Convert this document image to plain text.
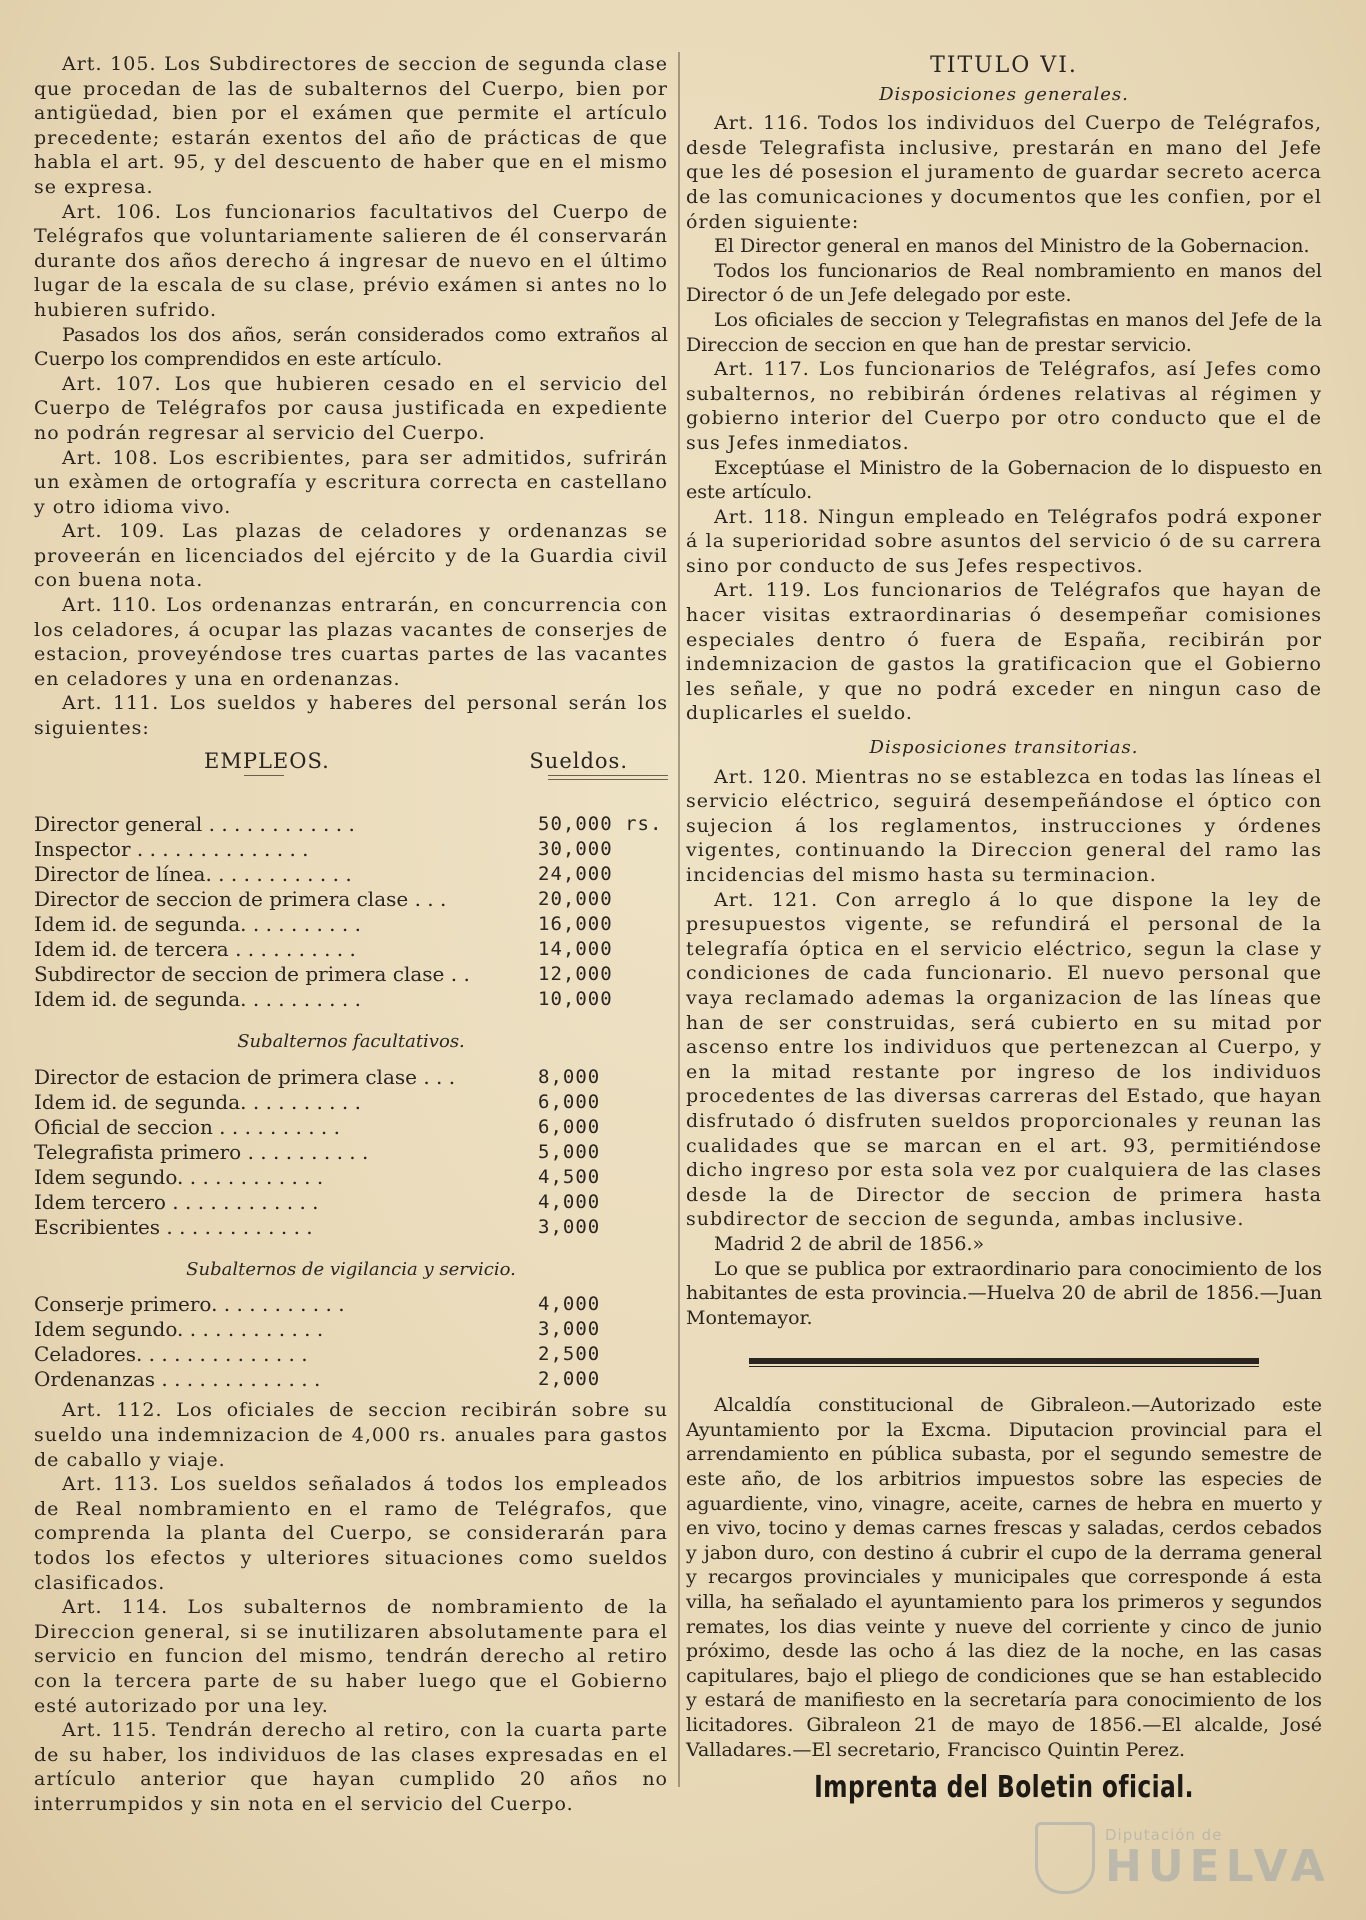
Art. 105. Los Subdirectores de seccion de segunda clase que procedan de las de subalternos del Cuerpo, bien por antigüedad, bien por el exámen que permite el artículo precedente; estarán exentos del año de prácticas de que habla el art. 95, y del descuento de haber que en el mismo se expresa.

Art. 106. Los funcionarios facultativos del Cuerpo de Telégrafos que voluntariamente salieren de él conservarán durante dos años derecho á ingresar de nuevo en el último lugar de la escala de su clase, prévio exámen si antes no lo hubieren sufrido.

Pasados los dos años, serán considerados como extraños al Cuerpo los comprendidos en este artículo.

Art. 107. Los que hubieren cesado en el servicio del Cuerpo de Telégrafos por causa justificada en expediente no podrán regresar al servicio del Cuerpo.

Art. 108. Los escribientes, para ser admitidos, sufrirán un exàmen de ortografía y escritura correcta en castellano y otro idioma vivo.

Art. 109. Las plazas de celadores y ordenanzas se proveerán en licenciados del ejército y de la Guardia civil con buena nota.

Art. 110. Los ordenanzas entrarán, en concurrencia con los celadores, á ocupar las plazas vacantes de conserjes de estacion, proveyéndose tres cuartas partes de las vacantes en celadores y una en ordenanzas.

Art. 111. Los sueldos y haberes del personal serán los siguientes:

EMPLEOS.	Sueldos.
Director general . . . . . . . . . . . .	50,000 rs.
Inspector . . . . . . . . . . . . . .	30,000
Director de línea. . . . . . . . . . . .	24,000
Director de seccion de primera clase . . .	20,000
Idem id. de segunda. . . . . . . . . .	16,000
Idem id. de tercera . . . . . . . . . .	14,000
Subdirector de seccion de primera clase . .	12,000
Idem id. de segunda. . . . . . . . . .	10,000
Subalternos facultativos.
Director de estacion de primera clase . . .	8,000
Idem id. de segunda. . . . . . . . . .	6,000
Oficial de seccion . . . . . . . . . .	6,000
Telegrafista primero . . . . . . . . . .	5,000
Idem segundo. . . . . . . . . . . .	4,500
Idem tercero . . . . . . . . . . . .	4,000
Escribientes . . . . . . . . . . . .	3,000
Subalternos de vigilancia y servicio.
Conserje primero. . . . . . . . . . .	4,000
Idem segundo. . . . . . . . . . . .	3,000
Celadores. . . . . . . . . . . . . .	2,500
Ordenanzas . . . . . . . . . . . . .	2,000

Art. 112. Los oficiales de seccion recibirán sobre su sueldo una indemnizacion de 4,000 rs. anuales para gastos de caballo y viaje.

Art. 113. Los sueldos señalados á todos los empleados de Real nombramiento en el ramo de Telégrafos, que comprenda la planta del Cuerpo, se considerarán para todos los efectos y ulteriores situaciones como sueldos clasificados.

Art. 114. Los subalternos de nombramiento de la Direccion general, si se inutilizaren absolutamente para el servicio en funcion del mismo, tendrán derecho al retiro con la tercera parte de su haber luego que el Gobierno esté autorizado por una ley.

Art. 115. Tendrán derecho al retiro, con la cuarta parte de su haber, los individuos de las clases expresadas en el artículo anterior que hayan cumplido 20 años no interrumpidos y sin nota en el servicio del Cuerpo.

TITULO VI.
Disposiciones generales.

Art. 116. Todos los individuos del Cuerpo de Telégrafos, desde Telegrafista inclusive, prestarán en mano del Jefe que les dé posesion el juramento de guardar secreto acerca de las comunicaciones y documentos que les confien, por el órden siguiente:

El Director general en manos del Ministro de la Gobernacion.

Todos los funcionarios de Real nombramiento en manos del Director ó de un Jefe delegado por este.

Los oficiales de seccion y Telegrafistas en manos del Jefe de la Direccion de seccion en que han de prestar servicio.

Art. 117. Los funcionarios de Telégrafos, así Jefes como subalternos, no rebibirán órdenes relativas al régimen y gobierno interior del Cuerpo por otro conducto que el de sus Jefes inmediatos.

Exceptúase el Ministro de la Gobernacion de lo dispuesto en este artículo.

Art. 118. Ningun empleado en Telégrafos podrá exponer á la superioridad sobre asuntos del servicio ó de su carrera sino por conducto de sus Jefes respectivos.

Art. 119. Los funcionarios de Telégrafos que hayan de hacer visitas extraordinarias ó desempeñar comisiones especiales dentro ó fuera de España, recibirán por indemnizacion de gastos la gratificacion que el Gobierno les señale, y que no podrá exceder en ningun caso de duplicarles el sueldo.

Disposiciones transitorias.

Art. 120. Mientras no se establezca en todas las líneas el servicio eléctrico, seguirá desempeñándose el óptico con sujecion á los reglamentos, instrucciones y órdenes vigentes, continuando la Direccion general del ramo las incidencias del mismo hasta su terminacion.

Art. 121. Con arreglo á lo que dispone la ley de presupuestos vigente, se refundirá el personal de la telegrafía óptica en el servicio eléctrico, segun la clase y condiciones de cada funcionario. El nuevo personal que vaya reclamado ademas la organizacion de las líneas que han de ser construidas, será cubierto en su mitad por ascenso entre los individuos que pertenezcan al Cuerpo, y en la mitad restante por ingreso de los individuos procedentes de las diversas carreras del Estado, que hayan disfrutado ó disfruten sueldos proporcionales y reunan las cualidades que se marcan en el art. 93, permitiéndose dicho ingreso por esta sola vez por cualquiera de las clases desde la de Director de seccion de primera hasta subdirector de seccion de segunda, ambas inclusive.

Madrid 2 de abril de 1856.»

Lo que se publica por extraordinario para conocimiento de los habitantes de esta provincia.—Huelva 20 de abril de 1856.—Juan Montemayor.

Alcaldía constitucional de Gibraleon.—Autorizado este Ayuntamiento por la Excma. Diputacion provincial para el arrendamiento en pública subasta, por el segundo semestre de este año, de los arbitrios impuestos sobre las especies de aguardiente, vino, vinagre, aceite, carnes de hebra en muerto y en vivo, tocino y demas carnes frescas y saladas, cerdos cebados y jabon duro, con destino á cubrir el cupo de la derrama general y recargos provinciales y municipales que corresponde á esta villa, ha señalado el ayuntamiento para los primeros y segundos remates, los dias veinte y nueve del corriente y cinco de junio próximo, desde las ocho á las diez de la noche, en las casas capitulares, bajo el pliego de condiciones que se han establecido y estará de manifiesto en la secretaría para conocimiento de los licitadores. Gibraleon 21 de mayo de 1856.—El alcalde, José Valladares.—El secretario, Francisco Quintin Perez.

Imprenta del Boletin oficial.
Diputación de
HUELVA
